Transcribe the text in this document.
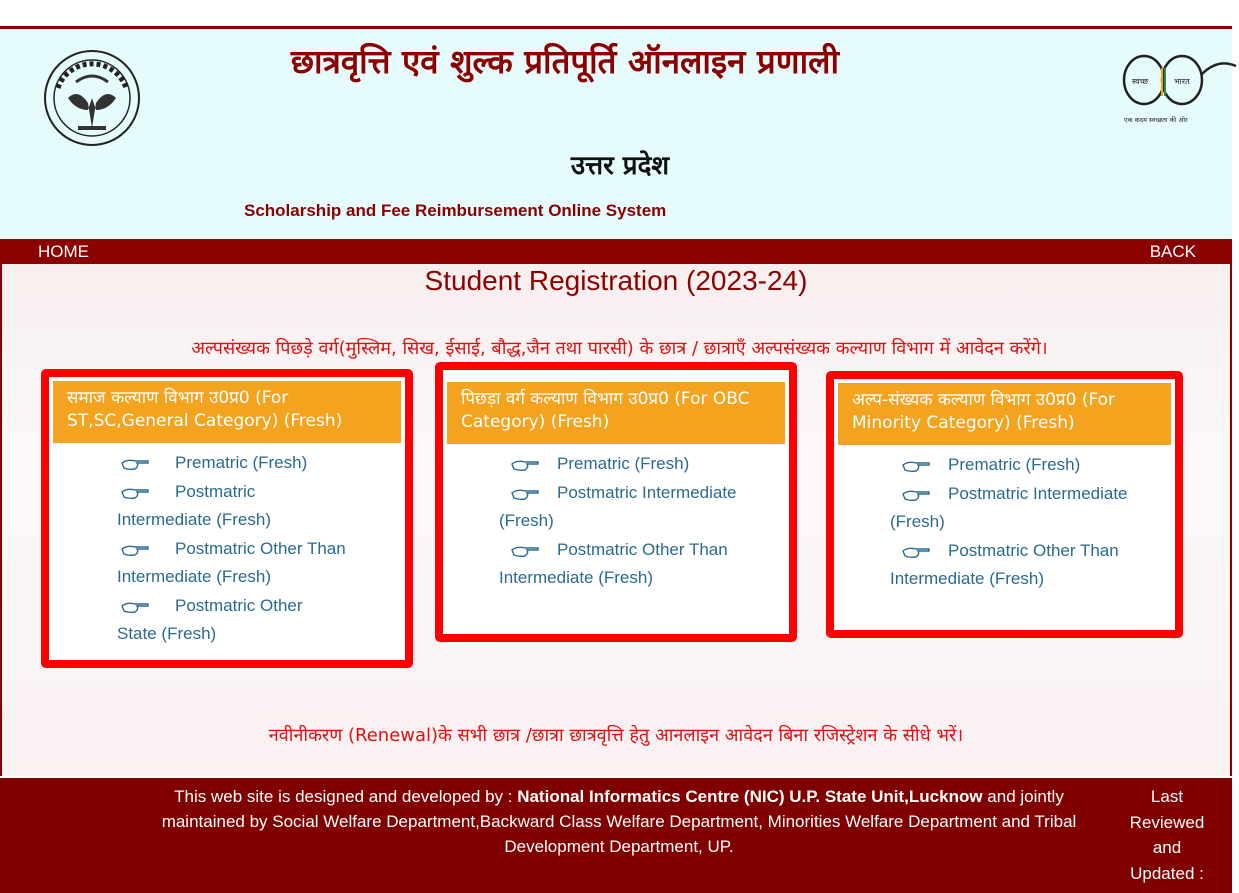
छात्रवृत्ति एवं शुल्क प्रतिपूर्ति ऑनलाइन प्रणाली
उत्तर प्रदेश
Scholarship and Fee Reimbursement Online System
स्वच्छ	भारत
एक कदम स्वच्छता की ओर
HOME	BACK
Student Registration (2023-24)
अल्पसंख्यक पिछड़े वर्ग(मुस्लिम, सिख, ईसाई, बौद्ध,जैन तथा पारसी) के छात्र / छात्राएँ अल्पसंख्यक कल्याण विभाग में आवेदन करेंगे।
समाज कल्याण विभाग उ0प्र0 (For ST,SC,General Category) (Fresh)
Prematric (Fresh)
Postmatric Intermediate (Fresh)
Postmatric Other Than Intermediate (Fresh)
Postmatric Other State (Fresh)
पिछड़ा वर्ग कल्याण विभाग उ0प्र0 (For OBC Category) (Fresh)
Prematric (Fresh)
Postmatric Intermediate (Fresh)
Postmatric Other Than Intermediate (Fresh)
अल्प-संख्यक कल्याण विभाग उ0प्र0 (For Minority Category) (Fresh)
Prematric (Fresh)
Postmatric Intermediate (Fresh)
Postmatric Other Than Intermediate (Fresh)
नवीनीकरण (Renewal)के सभी छात्र /छात्रा छात्रवृत्ति हेतु आनलाइन आवेदन बिना रजिस्ट्रेशन के सीधे भरें।
This web site is designed and developed by : National Informatics Centre (NIC) U.P. State Unit,Lucknow and jointly maintained by Social Welfare Department,Backward Class Welfare Department, Minorities Welfare Department and Tribal Development Department, UP.
Last Reviewed and Updated :
